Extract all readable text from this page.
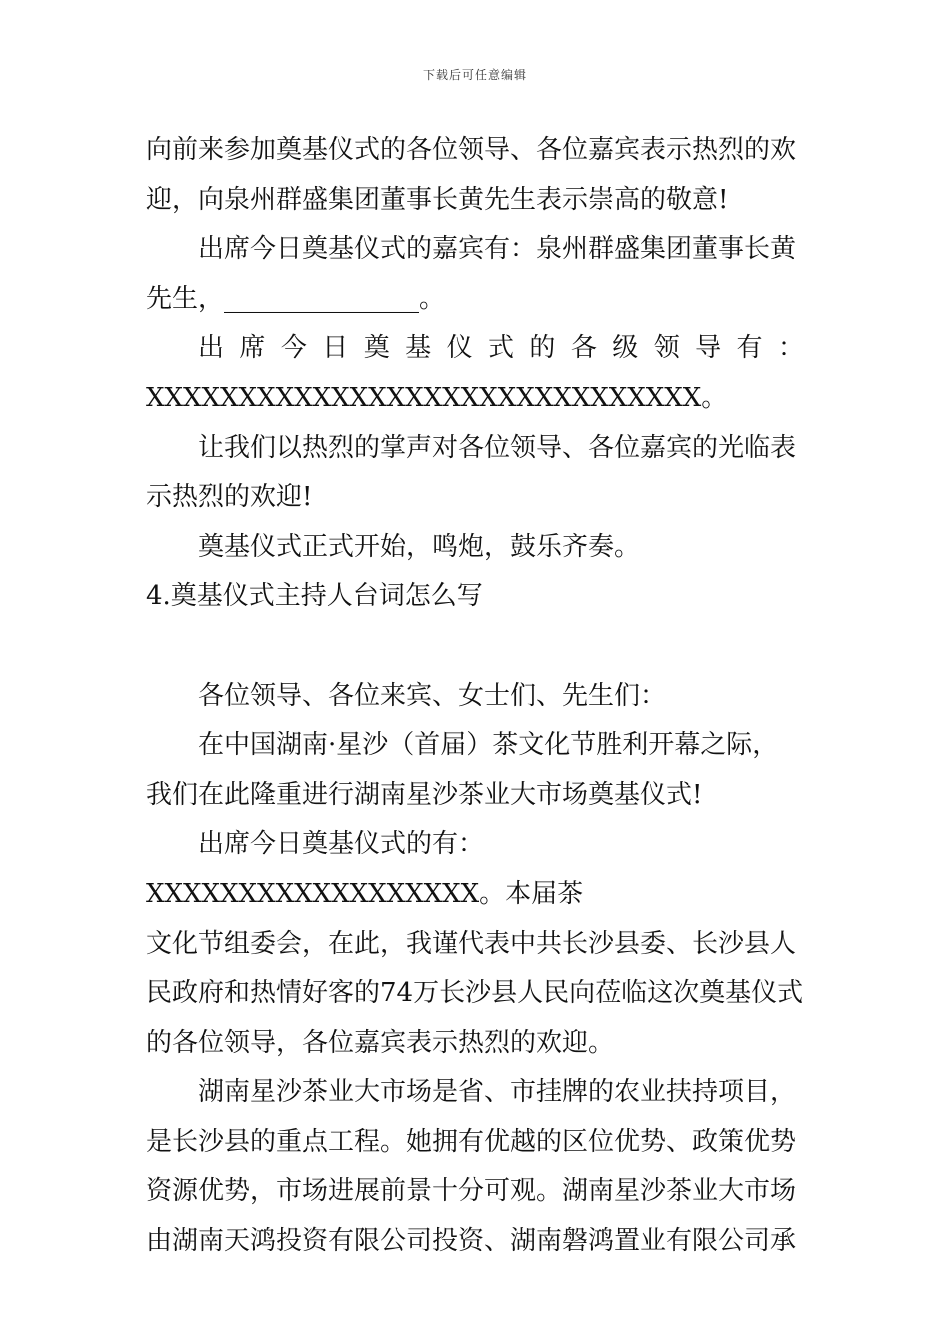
下载后可任意编辑

向前来参加奠基仪式的各位领导、各位嘉宾表示热烈的欢

迎，向泉州群盛集团董事长黄先生表示崇高的敬意!

出席今日奠基仪式的嘉宾有：泉州群盛集团董事长黄

先生，_______________。

出 席 今 日 奠 基 仪 式 的 各 级 领 导 有 ：

XXXXXXXXXXXXXXXXXXXXXXXXXXXXXX。

让我们以热烈的掌声对各位领导、各位嘉宾的光临表

示热烈的欢迎!

奠基仪式正式开始，鸣炮，鼓乐齐奏。

4.奠基仪式主持人台词怎么写

各位领导、各位来宾、女士们、先生们：

在中国湖南·星沙（首届）茶文化节胜利开幕之际，

我们在此隆重进行湖南星沙茶业大市场奠基仪式!

出席今日奠基仪式的有：XXXXXXXXXXXXXXXXXX。本届茶

文化节组委会，在此，我谨代表中共长沙县委、长沙县人

民政府和热情好客的74万长沙县人民向莅临这次奠基仪式

的各位领导，各位嘉宾表示热烈的欢迎。

湖南星沙茶业大市场是省、市挂牌的农业扶持项目，

是长沙县的重点工程。她拥有优越的区位优势、政策优势

资源优势，市场进展前景十分可观。湖南星沙茶业大市场

由湖南天鸿投资有限公司投资、湖南磐鸿置业有限公司承
